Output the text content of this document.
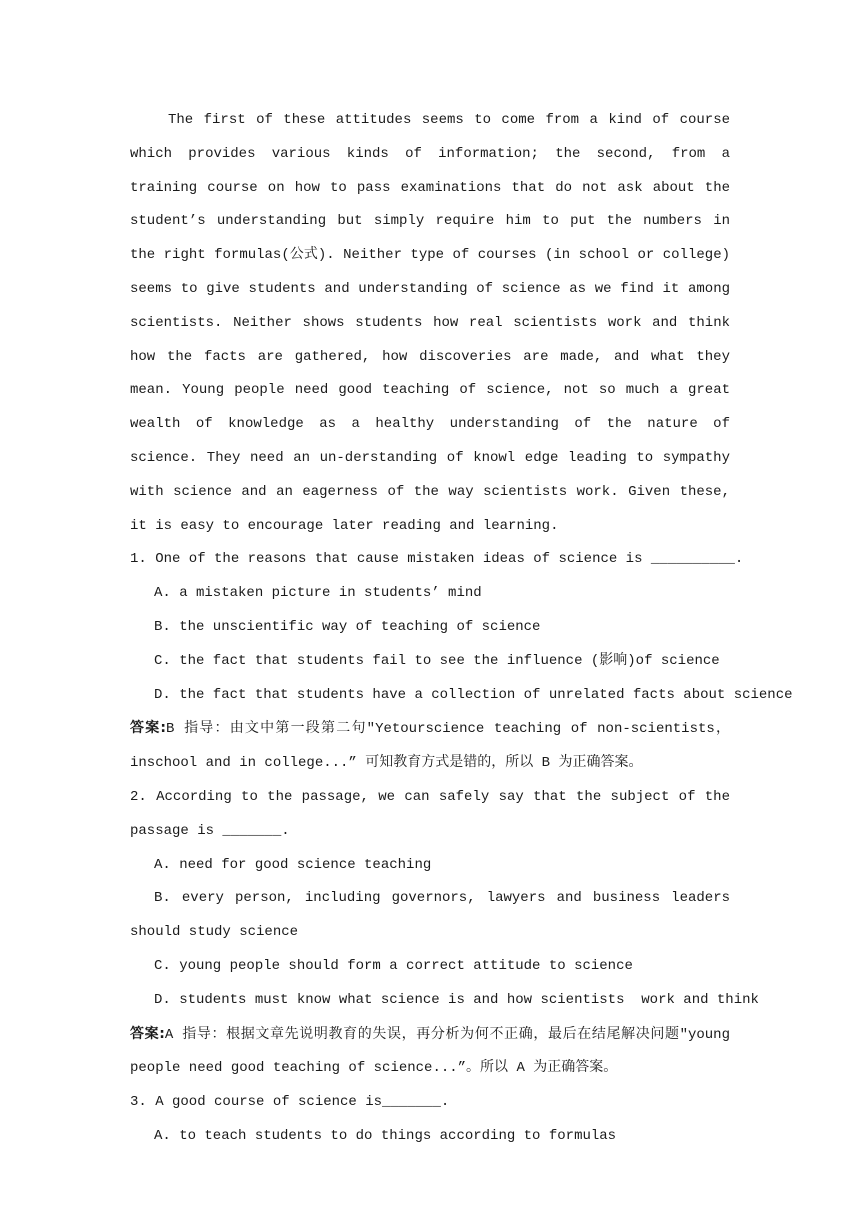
The first of these attitudes seems to come from a kind of course which provides various kinds of information; the second, from a training course on how to pass examinations that do not ask about the student’s understanding but simply require him to put the numbers in the right formulas(公式). Neither type of courses (in school or college) seems to give students and understanding of science as we find it among scientists. Neither shows students how real scientists work and think how the facts are gathered, how discoveries are made, and what they mean. Young people need good teaching of science, not so much a great wealth of knowledge as a healthy understanding of the nature of science. They need an un-derstanding of knowl edge leading to sympathy with science and an eagerness of the way scientists work. Given these, it is easy to encourage later reading and learning.
1. One of the reasons that cause mistaken ideas of science is __________.
A. a mistaken picture in students’ mind
B. the unscientific way of teaching of science
C. the fact that students fail to see the influence (影响)of science
D. the fact that students have a collection of unrelated facts about science
答案:B 指导：由文中第一段第二句"Yetourscience teaching of non-scientists，inschool and in college...” 可知教育方式是错的，所以 B 为正确答案。
2. According to the passage, we can safely say that the subject of the passage is _______.
A. need for good science teaching
B. every person, including governors, lawyers and business leaders should study science
C. young people should form a correct attitude to science
D. students must know what science is and how scientists  work and think
答案:A 指导：根据文章先说明教育的失误，再分析为何不正确，最后在结尾解决问题"young people need good teaching of science...”。所以 A 为正确答案。
3. A good course of science is_______.
A. to teach students to do things according to formulas
